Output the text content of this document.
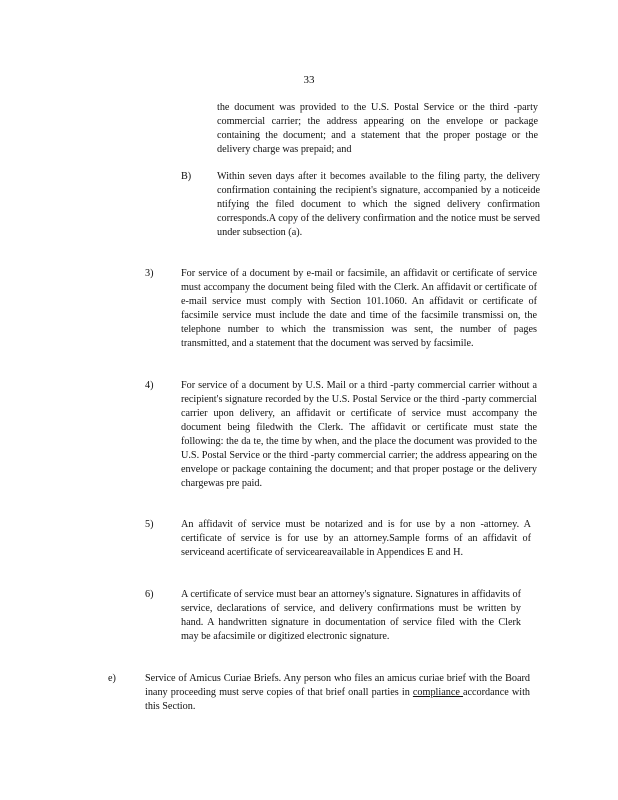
33
the document was provided to the U.S. Postal Service or the third -party commercial carrier; the address appearing on the envelope or package containing the document; and a statement that the proper postage or the delivery charge was prepaid; and
B)	Within seven days after it becomes available to the filing party, the delivery confirmation containing the recipient's signature, accompanied by a noticeide ntifying the filed document to which the signed delivery confirmation corresponds.A copy of the delivery confirmation and the notice must be served under subsection (a).
3)	For service of a document by e-mail or facsimile, an affidavit or certificate of service must accompany the document being filed with the Clerk. An affidavit or certificate of e-mail service must comply with Section 101.1060. An affidavit or certificate of facsimile service must include the date and time of the facsimile transmissi on, the telephone number to which the transmission was sent, the number of pages transmitted, and a statement that the document was served by facsimile.
4)	For service of a document by U.S. Mail or a third -party commercial carrier without a recipient's signature recorded by the U.S. Postal Service or the third -party commercial carrier upon delivery, an affidavit or certificate of service must accompany the document being filedwith the Clerk. The affidavit or certificate must state the following: the da te, the time by when, and the place the document was provided to the U.S. Postal Service or the third -party commercial carrier; the address appearing on the envelope or package containing the document; and that proper postage or the delivery chargewas pre paid.
5)	An affidavit of service must be notarized and is for use by a non -attorney. A certificate of service is for use by an attorney.Sample forms of an affidavit of serviceand acertificate of serviceareavailable in Appendices E and H.
6)	A certificate of service must bear an attorney's signature. Signatures in affidavits of service, declarations of service, and delivery confirmations must be written by hand. A handwritten signature in documentation of service filed with the Clerk may be afacsimile or digitized electronic signature.
e)	Service of Amicus Curiae Briefs. Any person who files an amicus curiae brief with the Board inany proceeding must serve copies of that brief onall parties in compliance accordance with this Section.
